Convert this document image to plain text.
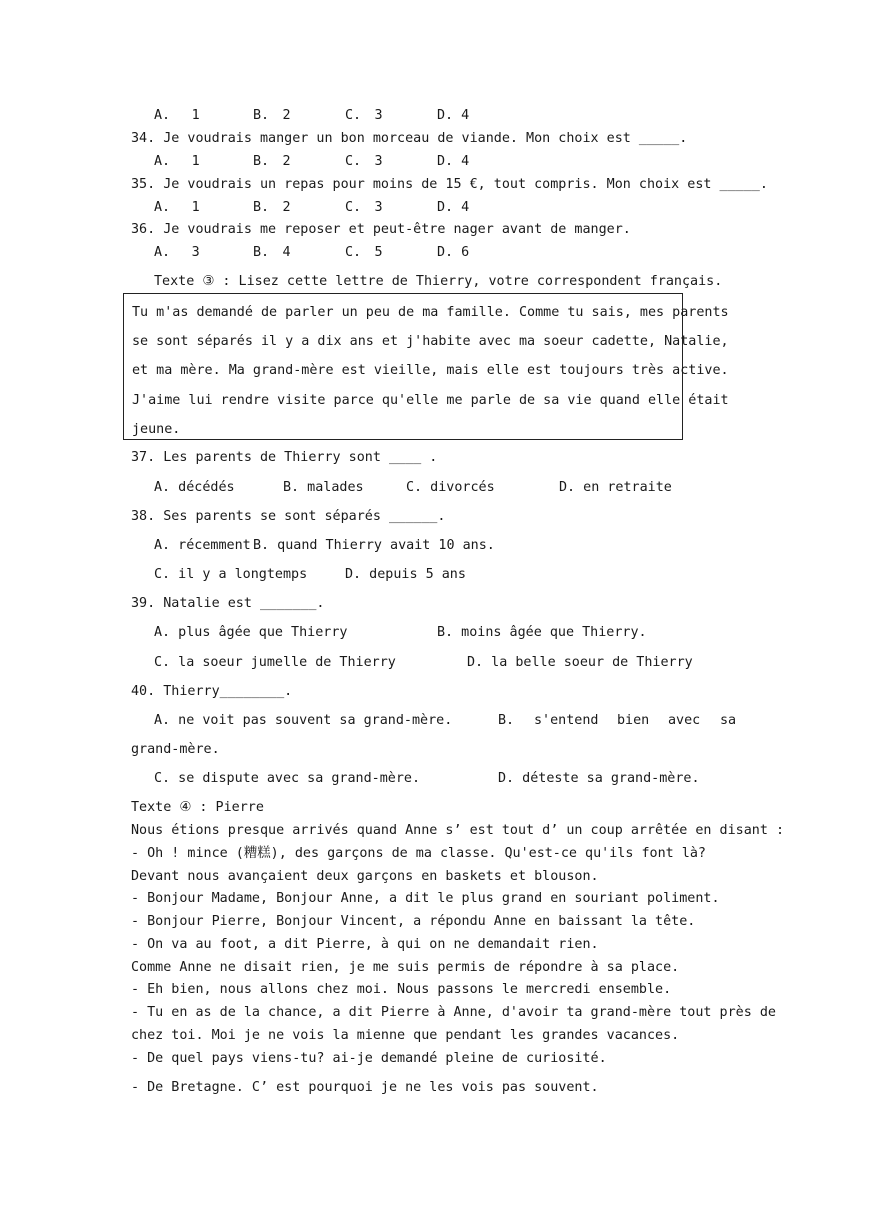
A.　 1	B.　2	C.　3	D. 4
34. Je voudrais manger un bon morceau de viande. Mon choix est _____.
A.　 1	B.　2	C.　3	D. 4
35. Je voudrais un repas pour moins de 15 €, tout compris. Mon choix est _____.
A.　 1	B.　2	C.　3	D. 4
36. Je voudrais me reposer et peut-être nager avant de manger.
A.　 3	B.　4	C.　5	D. 6
Texte ③ : Lisez cette lettre de Thierry, votre correspondent français.
Tu m'as demandé de parler un peu de ma famille. Comme tu sais, mes parents
se sont séparés il y a dix ans et j'habite avec ma soeur cadette, Natalie,
et ma mère. Ma grand-mère est vieille, mais elle est toujours très active.
J'aime lui rendre visite parce qu'elle me parle de sa vie quand elle était
jeune.
37. Les parents de Thierry sont ____ .
A. décédés	B. malades	C. divorcés	D. en retraite
38. Ses parents se sont séparés ______.
A. récemment B. quand Thierry avait 10 ans.
C. il y a longtemps	D. depuis 5 ans
39. Natalie est _______.
A. plus âgée que Thierry	B. moins âgée que Thierry.
C. la soeur jumelle de Thierry	D. la belle soeur de Thierry
40. Thierry________.
A. ne voit pas souvent sa grand-mère.	B. s'entend bien avec sa
grand-mère.
C. se dispute avec sa grand-mère.	D. déteste sa grand-mère.
Texte ④ : Pierre
Nous étions presque arrivés quand Anne s’ est tout d’ un coup arrêtée en disant :
- Oh ! mince (糟糕), des garçons de ma classe. Qu'est-ce qu'ils font là?
Devant nous avançaient deux garçons en baskets et blouson.
- Bonjour Madame, Bonjour Anne, a dit le plus grand en souriant poliment.
- Bonjour Pierre, Bonjour Vincent, a répondu Anne en baissant la tête.
- On va au foot, a dit Pierre, à qui on ne demandait rien.
Comme Anne ne disait rien, je me suis permis de répondre à sa place.
- Eh bien, nous allons chez moi. Nous passons le mercredi ensemble.
- Tu en as de la chance, a dit Pierre à Anne, d'avoir ta grand-mère tout près de
chez toi. Moi je ne vois la mienne que pendant les grandes vacances.
- De quel pays viens-tu? ai-je demandé pleine de curiosité.
- De Bretagne. C’ est pourquoi je ne les vois pas souvent.
